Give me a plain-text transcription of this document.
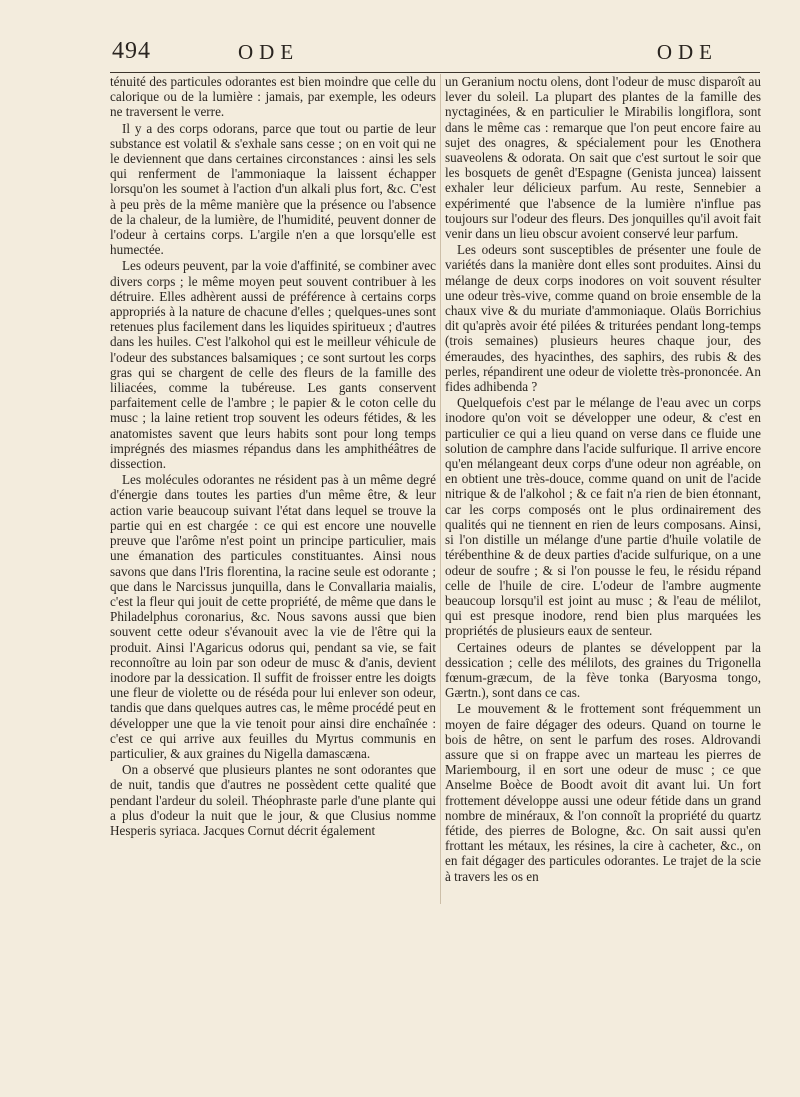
494	ODE	ODE

ténuité des particules odorantes est bien moindre que celle du calorique ou de la lumière : jamais, par exemple, les odeurs ne traversent le verre.

Il y a des corps odorans, parce que tout ou partie de leur substance est volatil & s'exhale sans cesse ; on en voit qui ne le deviennent que dans certaines circonstances : ainsi les sels qui renferment de l'ammoniaque la laissent échapper lorsqu'on les soumet à l'action d'un alkali plus fort, &c. C'est à peu près de la même manière que la présence ou l'absence de la chaleur, de la lumière, de l'humidité, peuvent donner de l'odeur à certains corps. L'argile n'en a que lorsqu'elle est humectée.

Les odeurs peuvent, par la voie d'affinité, se combiner avec divers corps ; le même moyen peut souvent contribuer à les détruire. Elles adhèrent aussi de préférence à certains corps appropriés à la nature de chacune d'elles ; quelques-unes sont retenues plus facilement dans les liquides spiritueux ; d'autres dans les huiles. C'est l'alkohol qui est le meilleur véhicule de l'odeur des substances balsamiques ; ce sont surtout les corps gras qui se chargent de celle des fleurs de la famille des liliacées, comme la tubéreuse. Les gants conservent parfaitement celle de l'ambre ; le papier & le coton celle du musc ; la laine retient trop souvent les odeurs fétides, & les anatomistes savent que leurs habits sont pour long temps imprégnés des miasmes répandus dans les amphithéâtres de dissection.

Les molécules odorantes ne résident pas à un même degré d'énergie dans toutes les parties d'un même être, & leur action varie beaucoup suivant l'état dans lequel se trouve la partie qui en est chargée : ce qui est encore une nouvelle preuve que l'arôme n'est point un principe particulier, mais une émanation des particules constituantes. Ainsi nous savons que dans l'Iris florentina, la racine seule est odorante ; que dans le Narcissus junquilla, dans le Convallaria maialis, c'est la fleur qui jouit de cette propriété, de même que dans le Philadelphus coronarius, &c. Nous savons aussi que bien souvent cette odeur s'évanouit avec la vie de l'être qui la produit. Ainsi l'Agaricus odorus qui, pendant sa vie, se fait reconnoître au loin par son odeur de musc & d'anis, devient inodore par la dessication. Il suffit de froisser entre les doigts une fleur de violette ou de réséda pour lui enlever son odeur, tandis que dans quelques autres cas, le même procédé peut en développer une que la vie tenoit pour ainsi dire enchaînée : c'est ce qui arrive aux feuilles du Myrtus communis en particulier, & aux graines du Nigella damascæna.

On a observé que plusieurs plantes ne sont odorantes que de nuit, tandis que d'autres ne possèdent cette qualité que pendant l'ardeur du soleil. Théophraste parle d'une plante qui a plus d'odeur la nuit que le jour, & que Clusius nomme Hesperis syriaca. Jacques Cornut décrit également

un Geranium noctu olens, dont l'odeur de musc disparoît au lever du soleil. La plupart des plantes de la famille des nyctaginées, & en particulier le Mirabilis longiflora, sont dans le même cas : remarque que l'on peut encore faire au sujet des onagres, & spécialement pour les Œnothera suaveolens & odorata. On sait que c'est surtout le soir que les bosquets de genêt d'Espagne (Genista juncea) laissent exhaler leur délicieux parfum. Au reste, Sennebier a expérimenté que l'absence de la lumière n'influe pas toujours sur l'odeur des fleurs. Des jonquilles qu'il avoit fait venir dans un lieu obscur avoient conservé leur parfum.

Les odeurs sont susceptibles de présenter une foule de variétés dans la manière dont elles sont produites. Ainsi du mélange de deux corps inodores on voit souvent résulter une odeur très-vive, comme quand on broie ensemble de la chaux vive & du muriate d'ammoniaque. Olaüs Borrichius dit qu'après avoir été pilées & triturées pendant long-temps (trois semaines) plusieurs heures chaque jour, des émeraudes, des hyacinthes, des saphirs, des rubis & des perles, répandirent une odeur de violette très-prononcée. An fides adhibenda ?

Quelquefois c'est par le mélange de l'eau avec un corps inodore qu'on voit se développer une odeur, & c'est en particulier ce qui a lieu quand on verse dans ce fluide une solution de camphre dans l'acide sulfurique. Il arrive encore qu'en mélangeant deux corps d'une odeur non agréable, on en obtient une très-douce, comme quand on unit de l'acide nitrique & de l'alkohol ; & ce fait n'a rien de bien étonnant, car les corps composés ont le plus ordinairement des qualités qui ne tiennent en rien de leurs composans. Ainsi, si l'on distille un mélange d'une partie d'huile volatile de térébenthine & de deux parties d'acide sulfurique, on a une odeur de soufre ; & si l'on pousse le feu, le résidu répand celle de l'huile de cire. L'odeur de l'ambre augmente beaucoup lorsqu'il est joint au musc ; & l'eau de mélilot, qui est presque inodore, rend bien plus marquées les propriétés de plusieurs eaux de senteur.

Certaines odeurs de plantes se développent par la dessication ; celle des mélilots, des graines du Trigonella fœnum-græcum, de la fève tonka (Baryosma tongo, Gærtn.), sont dans ce cas.

Le mouvement & le frottement sont fréquemment un moyen de faire dégager des odeurs. Quand on tourne le bois de hêtre, on sent le parfum des roses. Aldrovandi assure que si on frappe avec un marteau les pierres de Mariembourg, il en sort une odeur de musc ; ce que Anselme Boèce de Boodt avoit dit avant lui. Un fort frottement développe aussi une odeur fétide dans un grand nombre de minéraux, & l'on connoît la propriété du quartz fétide, des pierres de Bologne, &c. On sait aussi qu'en frottant les métaux, les résines, la cire à cacheter, &c., on en fait dégager des particules odorantes. Le trajet de la scie à travers les os en
